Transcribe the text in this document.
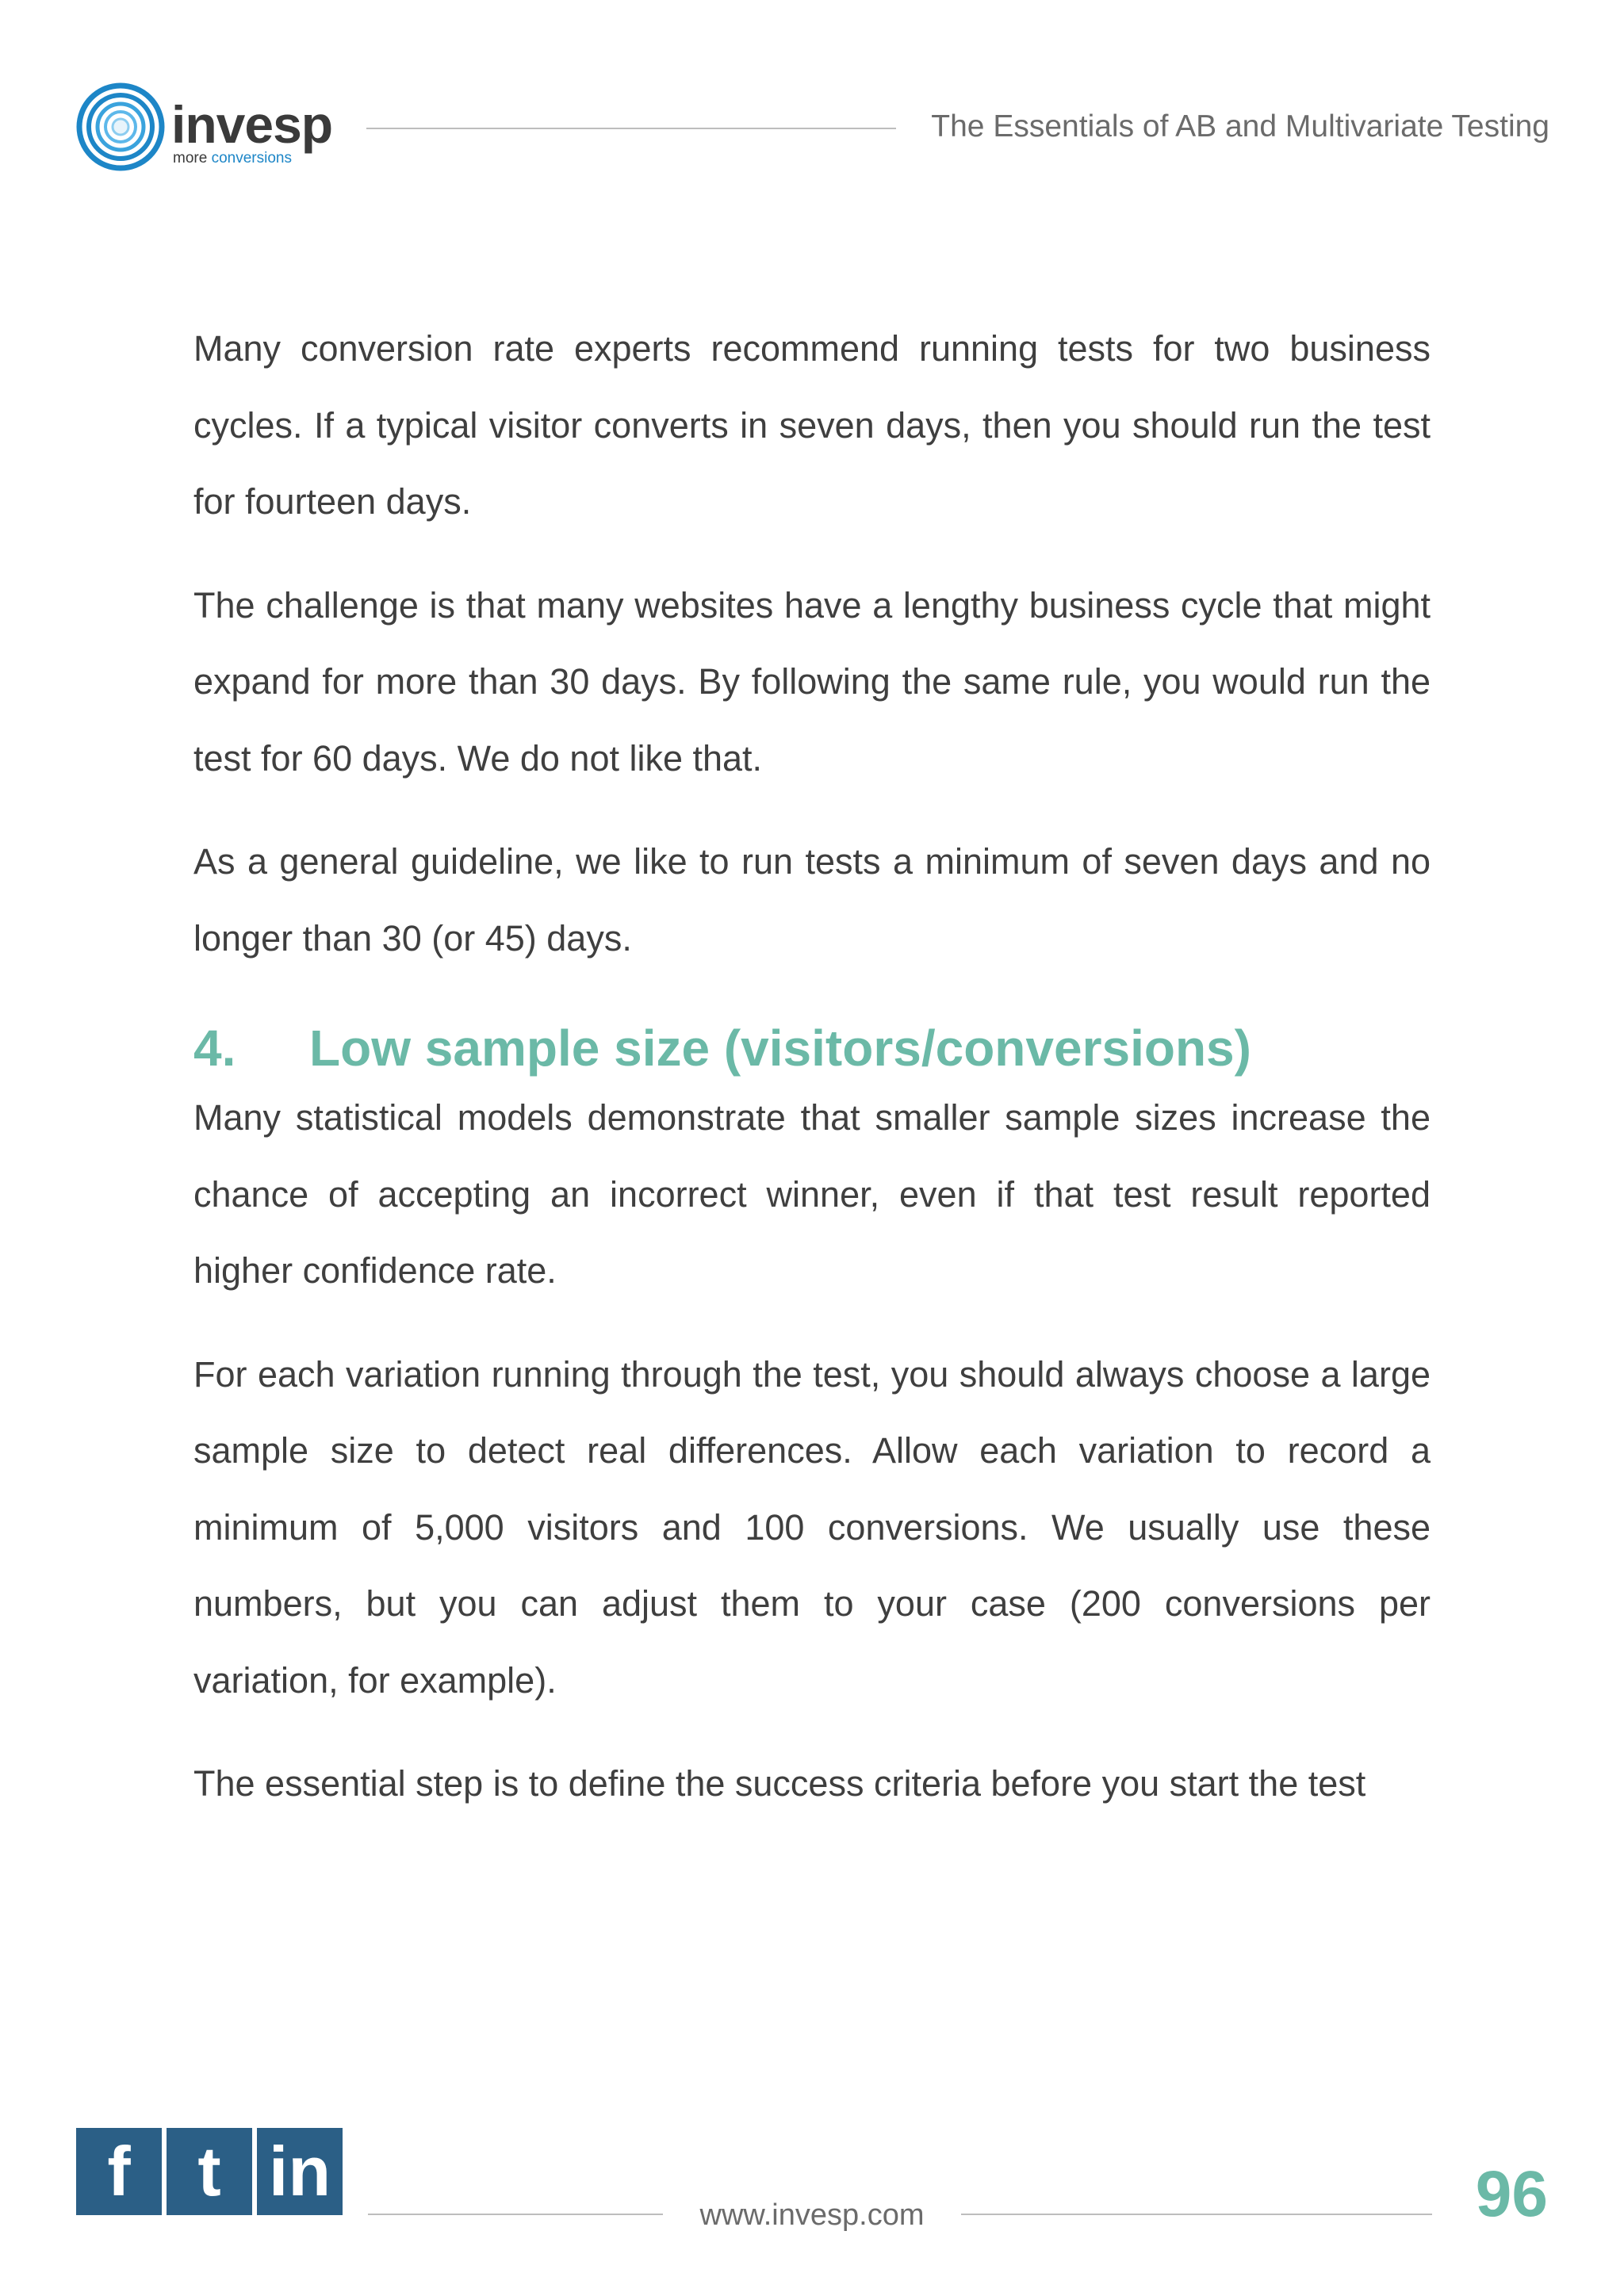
invesp
more conversions
The Essentials of AB and Multivariate Testing

Many conversion rate experts recommend running tests for two business cycles. If a typical visitor converts in seven days, then you should run the test for fourteen days.

The challenge is that many websites have a lengthy business cycle that might expand for more than 30 days. By following the same rule, you would run the test for 60 days. We do not like that.

As a general guideline, we like to run tests a minimum of seven days and no longer than 30 (or 45) days.

4.	Low sample size (visitors/conversions)

Many statistical models demonstrate that smaller sample sizes increase the chance of accepting an incorrect winner, even if that test result reported higher confidence rate.

For each variation running through the test, you should always choose a large sample size to detect real differences. Allow each variation to record a minimum of 5,000 visitors and 100 conversions. We usually use these numbers, but you can adjust them to your case (200 conversions per variation, for example).

The essential step is to define the success criteria before you start the test

f t in
www.invesp.com	96
